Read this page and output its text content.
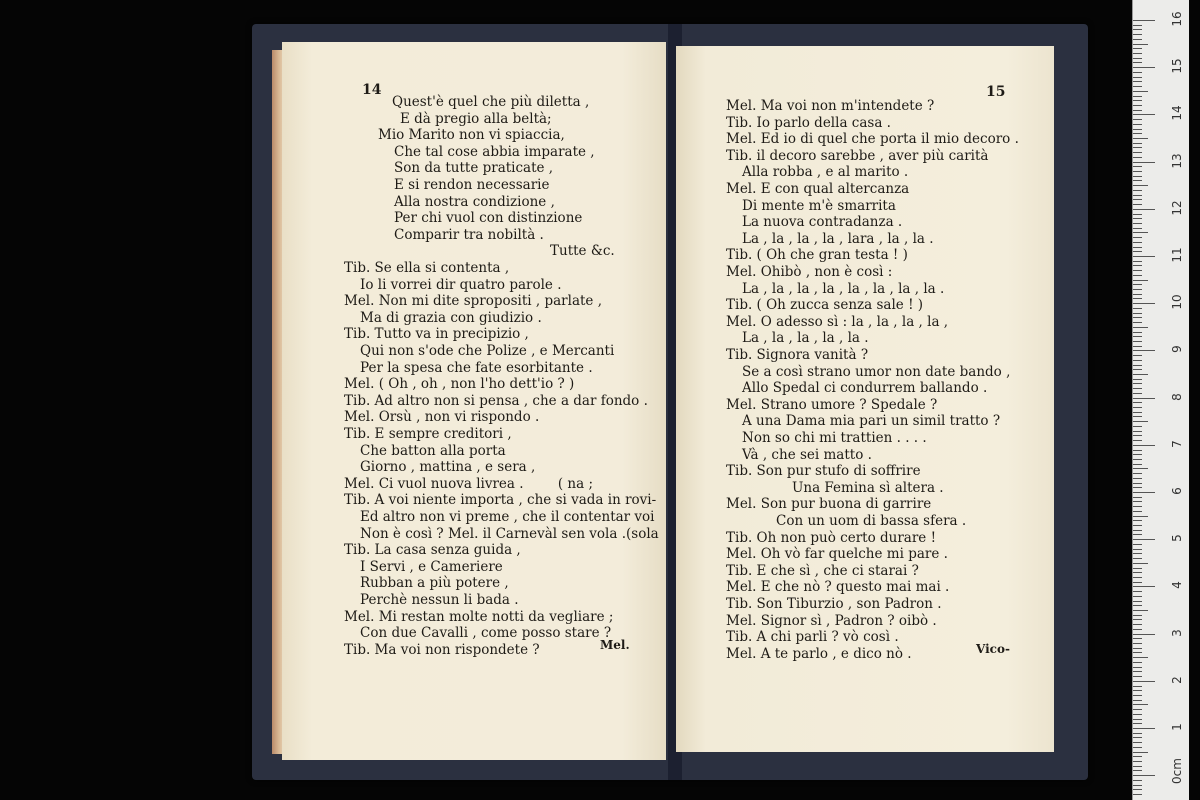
14
Quest'è quel che più diletta ,
E dà pregio alla beltà;
Mio Marito non vi spiaccia,
Che tal cose abbia imparate ,
Son da tutte praticate ,
E si rendon necessarie
Alla nostra condizione ,
Per chi vuol con distinzione
Comparir tra nobiltà .
Tutte &c.
Tib. Se ella si contenta ,
Io li vorrei dir quatro parole .
Mel. Non mi dite spropositi , parlate ,
Ma di grazia con giudizio .
Tib. Tutto va in precipizio ,
Qui non s'ode che Polize , e Mercanti
Per la spesa che fate esorbitante .
Mel. ( Oh , oh , non l'ho dett'io ? )
Tib. Ad altro non si pensa , che a dar fondo .
Mel. Orsù , non vi rispondo .
Tib. E sempre creditori ,
Che batton alla porta
Giorno , mattina , e sera ,
Mel. Ci vuol nuova livrea .        ( na ;
Tib. A voi niente importa , che si vada in rovi-
Ed altro non vi preme , che il contentar voi
Non è così ? Mel. il Carnevàl sen vola .(sola
Tib. La casa senza guida ,
I Servi , e Cameriere
Rubban a più potere ,
Perchè nessun li bada .
Mel. Mi restan molte notti da vegliare ;
Con due Cavalli , come posso stare ?
Tib. Ma voi non rispondete ?	Mel.
15
Mel. Ma voi non m'intendete ?
Tib. Io parlo della casa .
Mel. Ed io di quel che porta il mio decoro .
Tib. il decoro sarebbe , aver più carità
Alla robba , e al marito .
Mel. E con qual altercanza
Di mente m'è smarrita
La nuova contradanza .
La , la , la , la , lara , la , la .
Tib. ( Oh che gran testa ! )
Mel. Ohibò , non è così :
La , la , la , la , la , la , la , la .
Tib. ( Oh zucca senza sale ! )
Mel. O adesso sì : la , la , la , la ,
La , la , la , la , la .
Tib. Signora vanità ?
Se a così strano umor non date bando ,
Allo Spedal ci condurrem ballando .
Mel. Strano umore ? Spedale ?
A una Dama mia pari un simil tratto ?
Non so chi mi trattien . . . .
Và , che sei matto .
Tib. Son pur stufo di soffrire
Una Femina sì altera .
Mel. Son pur buona di garrire
Con un uom di bassa sfera .
Tib. Oh non può certo durare !
Mel. Oh vò far quelche mi pare .
Tib. E che sì , che ci starai ?
Mel. E che nò ? questo mai mai .
Tib. Son Tiburzio , son Padron .
Mel. Signor sì , Padron ? oibò .
Tib. A chi parli ? vò così .
Mel. A te parlo , e dico nò .	Vico-
16
15
14
13
12
11
10
9
8
7
6
5
4
3
2
1
0cm
